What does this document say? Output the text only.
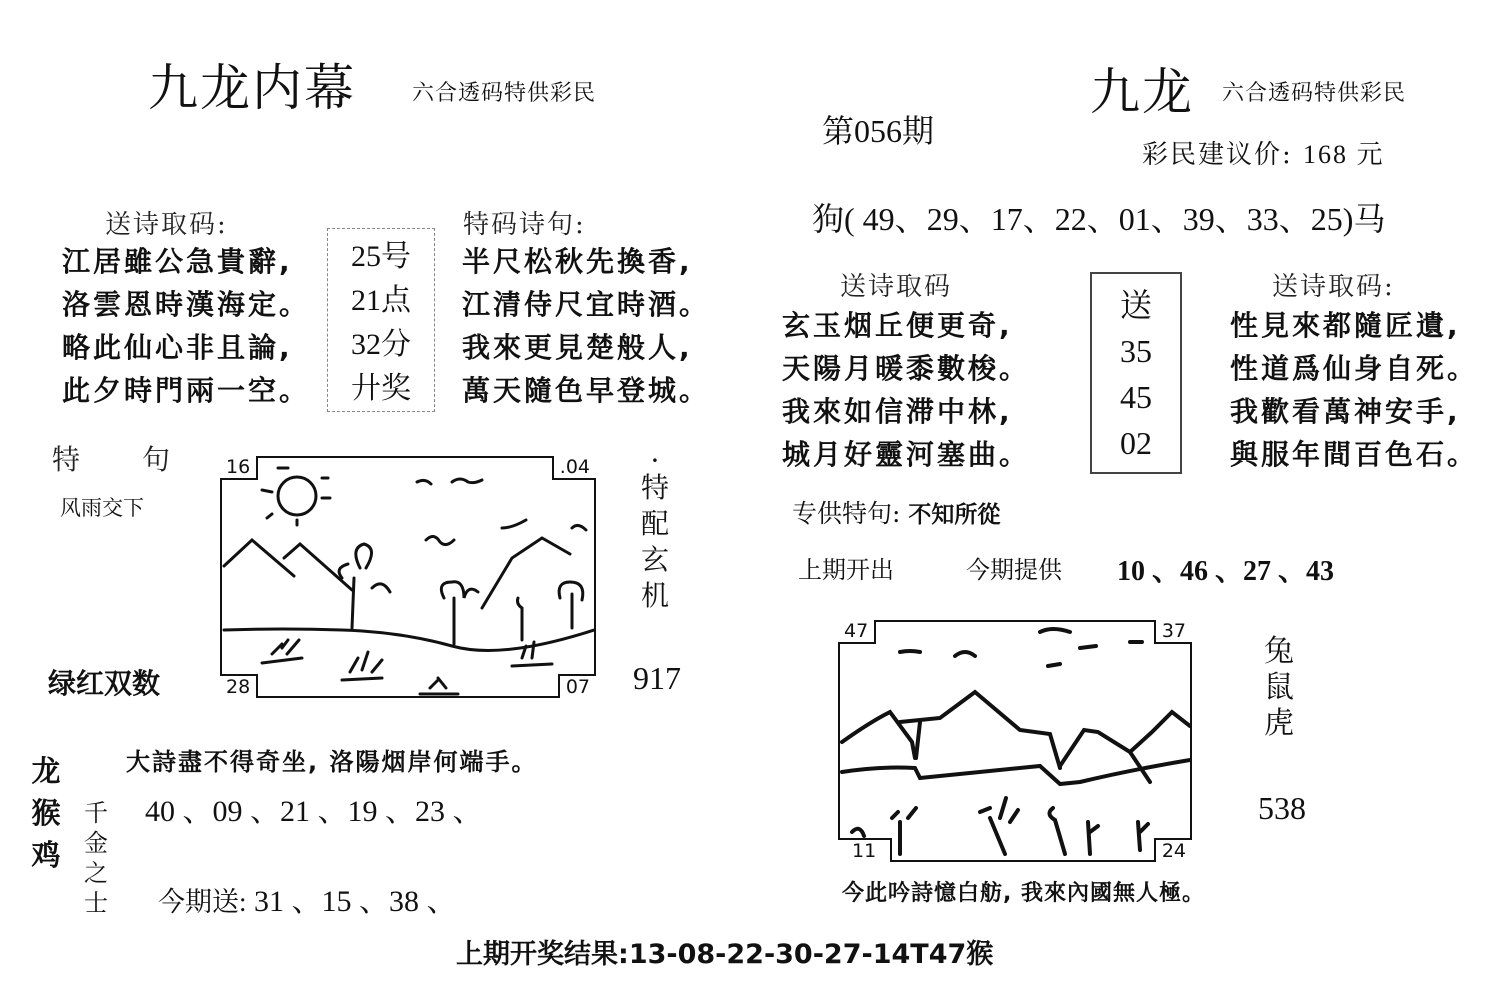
九龙内幕	六合透码特供彩民
送诗取码:
江居雖公急貴辭,
洛雲恩時漢海定。
略此仙心非且論,
此夕時門兩一空。
25号
21点
32分
廾奖
特码诗句:
半尺松秋先換香,
江清侍尺宜時酒。
我來更見楚般人,
萬天隨色早登城。
特　　句
风雨交下
绿红双数
16	.04
28	07
·
特
配
玄
机
917
龙
猴
鸡
千
金
之
士
大詩盡不得奇坐, 洛陽烟岸何端手。
40 、09 、21 、19 、23 、
今期送: 31 、15 、38 、
第056期
九龙 六合透码特供彩民
彩民建议价: 168 元
狗( 49、29、17、22、01、39、33、25)马
送诗取码
玄玉烟丘便更奇,
天陽月暖黍數梭。
我來如信滞中林,
城月好靈河塞曲。
送
35
45
02
送诗取码:
性見來都隨匠遺,
性道爲仙身自死。
我歡看萬神安手,
與服年間百色石。
专供特句: 不知所從
上期开出	今期提供 10 、46 、27 、43
47	37
11	24
兔
鼠
虎
538
今此吟詩憶白舫, 我來內國無人極。
上期开奖结果:13-08-22-30-27-14T47猴
